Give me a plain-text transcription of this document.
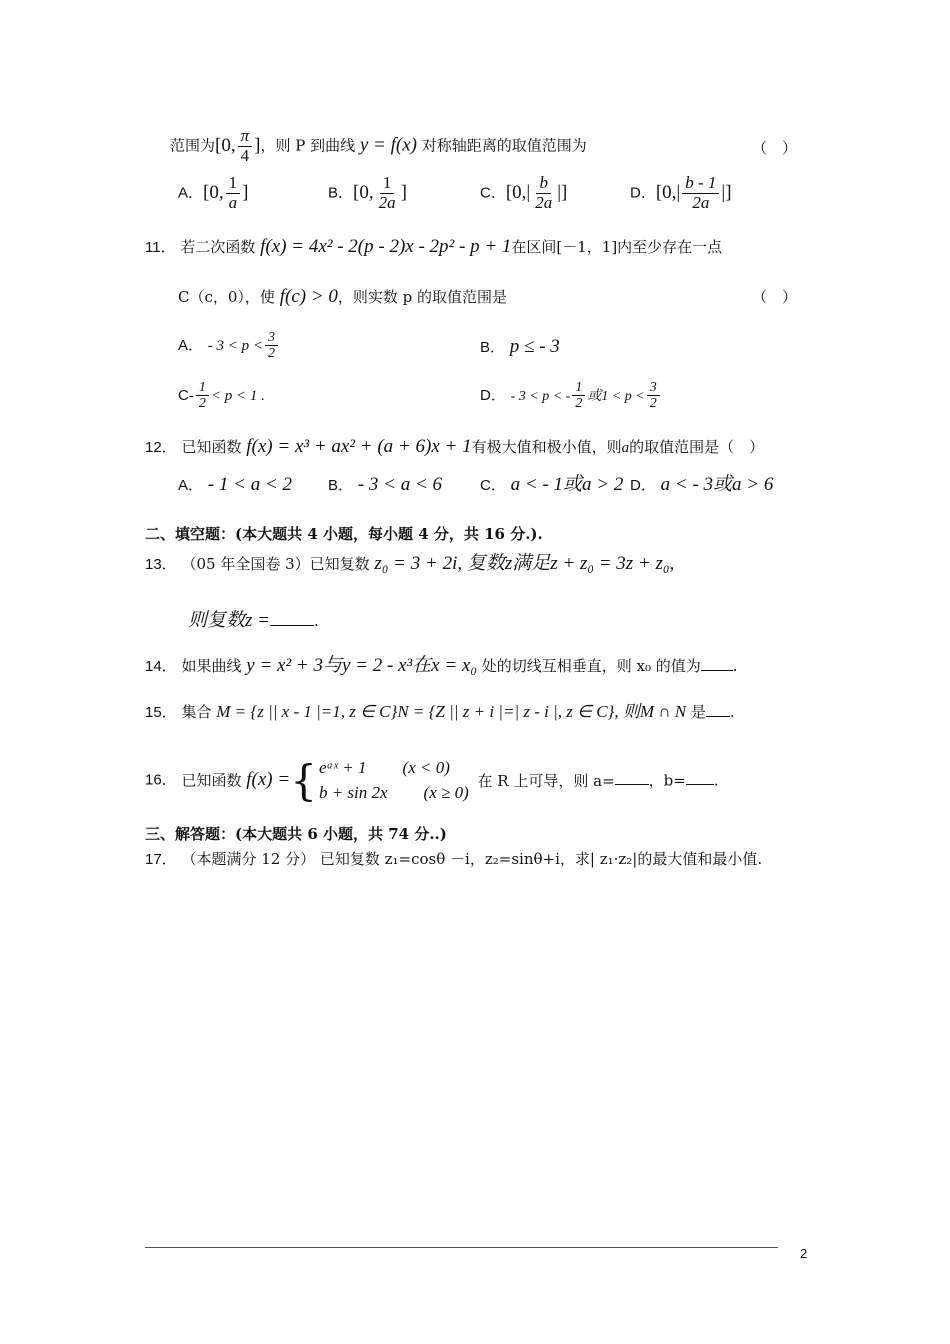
范围为[0, $\frac{\pi}{4}$ ]，则 P 到曲线 y = f(x) 对称轴距离的取值范围为	（　）
A．[0, $\frac{1}{a}$ ]	B．[0, $\frac{1}{2a}$ ]	C．[$0,| \frac{b}{2a}$ |]	D．[$0,| \frac{b - 1}{2a}$ |]
11． 若二次函数 f(x) = 4x² - 2(p - 2)x - 2p² - p + 1在区间[－1，1]内至少存在一点
C（c，0），使 f(c) > 0，则实数 p 的取值范围是	（　）
A． - $3 < p < \frac{3}{2}$	B． p ≤ - 3
$C- \frac{1}{2} < p < 1$ .	D． - 3 < p < - $\frac{1}{2}$ 或$1 < p < \frac{3}{2}$
12． 已知函数 f(x) = x³ + ax² + (a + 6)x + 1有极大值和极小值，则a的取值范围是（　）
A． - 1 < a < 2 B． - 3 < a < 6	C． a < - 1或a > 2 D． a < - 3或a > 6
二、填空题：(本大题共 4 小题，每小题 4 分，共 16 分.).
13． （05 年全国卷 3）已知复数 z₀ = 3 + 2i, 复数z满足z + z₀ = 3z + z₀,
则复数z =	.
14． 如果曲线 y = x² + 3与y = 2 - x³在x = x₀ 处的切线互相垂直，则 x₀ 的值为 .
15． 集合 M = {z || x - 1 |=1, z ∈ C}N = {Z || z + i |=| z - i |, z ∈ C}, 则M ∩ N 是 .
16． 已知函数 f(x) = { eᵃˣ + 1 (x < 0)
b + sin 2x (x ≥ 0)
在 R 上可导，则 a= ，b= .
三、解答题：(本大题共 6 小题，共 74 分..)
17． （本题满分 12 分） 已知复数 z₁=cosθ －i，z₂=sinθ+i，求| z₁·z₂|的最大值和最小值.
2
